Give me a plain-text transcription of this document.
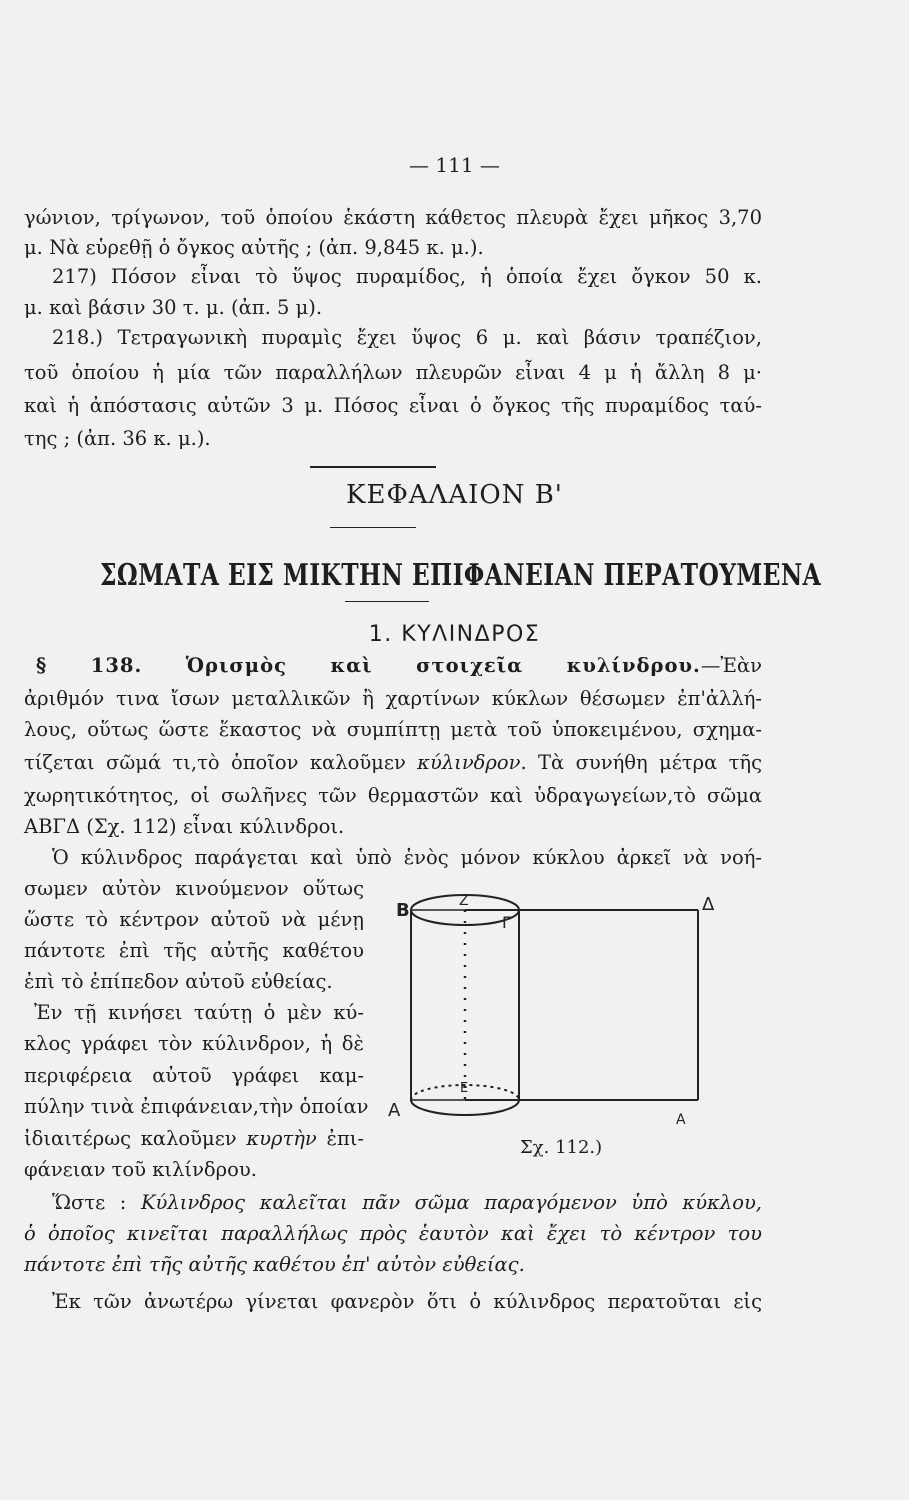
— 111 —
γώνιον, τρίγωνον, τοῦ ὁποίου ἑκάστη κάθετος πλευρὰ ἔχει μῆκος 3,70
μ. Νὰ εὑρεθῇ ὁ ὄγκος αὐτῆς ; (ἀπ. 9,845 κ. μ.).
217) Πόσον εἶναι τὸ ὕψος πυραμίδος, ἡ ὁποία ἔχει ὄγκον 50 κ.
μ. καὶ βάσιν 30 τ. μ. (ἀπ. 5 μ).
218.) Τετραγωνικὴ πυραμὶς ἔχει ὕψος 6 μ. καὶ βάσιν τραπέζιον,
τοῦ ὁποίου ἡ μία τῶν παραλλήλων πλευρῶν εἶναι 4 μ ἡ ἄλλη 8 μ·
καὶ ἡ ἀπόστασις αὐτῶν 3 μ. Πόσος εἶναι ὁ ὄγκος τῆς πυραμίδος ταύ-
της ; (ἀπ. 36 κ. μ.).
ΚΕΦΑΛΑΙΟΝ Β'
ΣΩΜΑΤΑ ΕΙΣ ΜΙΚΤΗΝ ΕΠΙΦΑΝΕΙΑΝ ΠΕΡΑΤΟΥΜΕΝΑ
1. ΚΥΛΙΝΔΡΟΣ
§ 138. Ὁρισμὸς καὶ στοιχεῖα κυλίνδρου.—Ἐὰν
ἀριθμόν τινα ἴσων μεταλλικῶν ἢ χαρτίνων κύκλων θέσωμεν ἐπ'ἀλλή-
λους, οὕτως ὥστε ἕκαστος νὰ συμπίπτῃ μετὰ τοῦ ὑποκειμένου, σχημα-
τίζεται σῶμά τι,τὸ ὁποῖον καλοῦμεν κύλινδρον. Τὰ συνήθη μέτρα τῆς
χωρητικότητος, οἱ σωλῆνες τῶν θερμαστῶν καὶ ὑδραγωγείων,τὸ σῶμα
ΑΒΓΔ (Σχ. 112) εἶναι κύλινδροι.
Ὁ κύλινδρος παράγεται καὶ ὑπὸ ἑνὸς μόνον κύκλου ἀρκεῖ νὰ νοή-
σωμεν αὐτὸν κινούμενον οὕτως
ὥστε τὸ κέντρον αὐτοῦ νὰ μένῃ
πάντοτε ἐπὶ τῆς αὐτῆς καθέτου
ἐπὶ τὸ ἐπίπεδον αὐτοῦ εὐθείας.
Ἐν τῇ κινήσει ταύτῃ ὁ μὲν κύ-
κλος γράφει τὸν κύλινδρον, ἡ δὲ
περιφέρεια αὐτοῦ γράφει καμ-
πύλην τινὰ ἐπιφάνειαν,τὴν ὁποίαν
ἰδιαιτέρως καλοῦμεν κυρτὴν ἐπι-
φάνειαν τοῦ κιλίνδρου.
Β	Z
Γ
Δ
Α
E
A
Σχ. 112.)
Ὥστε : Κύλινδρος καλεῖται πᾶν σῶμα παραγόμενον ὑπὸ κύκλου,
ὁ ὁποῖος κινεῖται παραλλήλως πρὸς ἑαυτὸν καὶ ἔχει τὸ κέντρον του
πάντοτε ἐπὶ τῆς αὐτῆς καθέτου ἐπ' αὐτὸν εὐθείας.
Ἐκ τῶν ἀνωτέρω γίνεται φανερὸν ὅτι ὁ κύλινδρος περατοῦται εἰς
